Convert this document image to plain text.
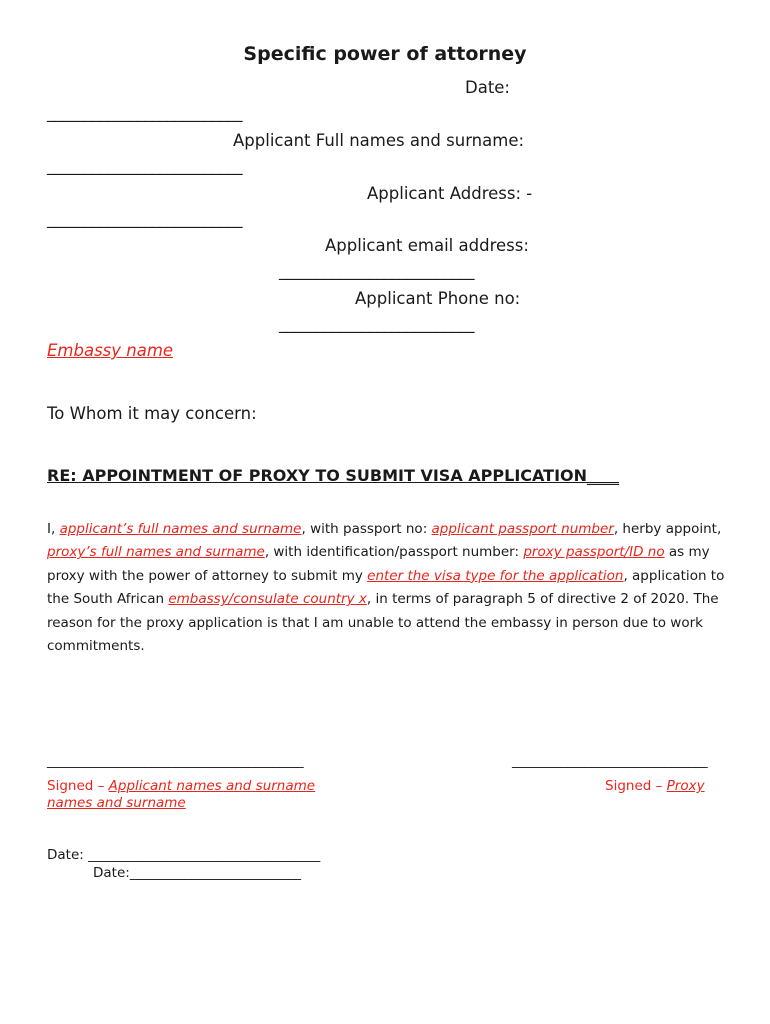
Specific power of attorney
Date:
__________________________
Applicant Full names and surname:
__________________________
Applicant Address: -
__________________________
Applicant email address:
__________________________
Applicant Phone no:
__________________________
Embassy name
To Whom it may concern:
RE: APPOINTMENT OF PROXY TO SUBMIT VISA APPLICATION____
I, applicant’s full names and surname, with passport no: applicant passport number, herby appoint, proxy’s full names and surname, with identification/passport number: proxy passport/ID no as my proxy with the power of attorney to submit my enter the visa type for the application, application to the South African embassy/consulate country x, in terms of paragraph 5 of directive 2 of 2020. The reason for the proxy application is that I am unable to attend the embassy in person due to work commitments.
__________________________________________	________________________________
Signed – Applicant names and surname
names and surname
Signed – Proxy
Date: ______________________________________
Date:____________________________
